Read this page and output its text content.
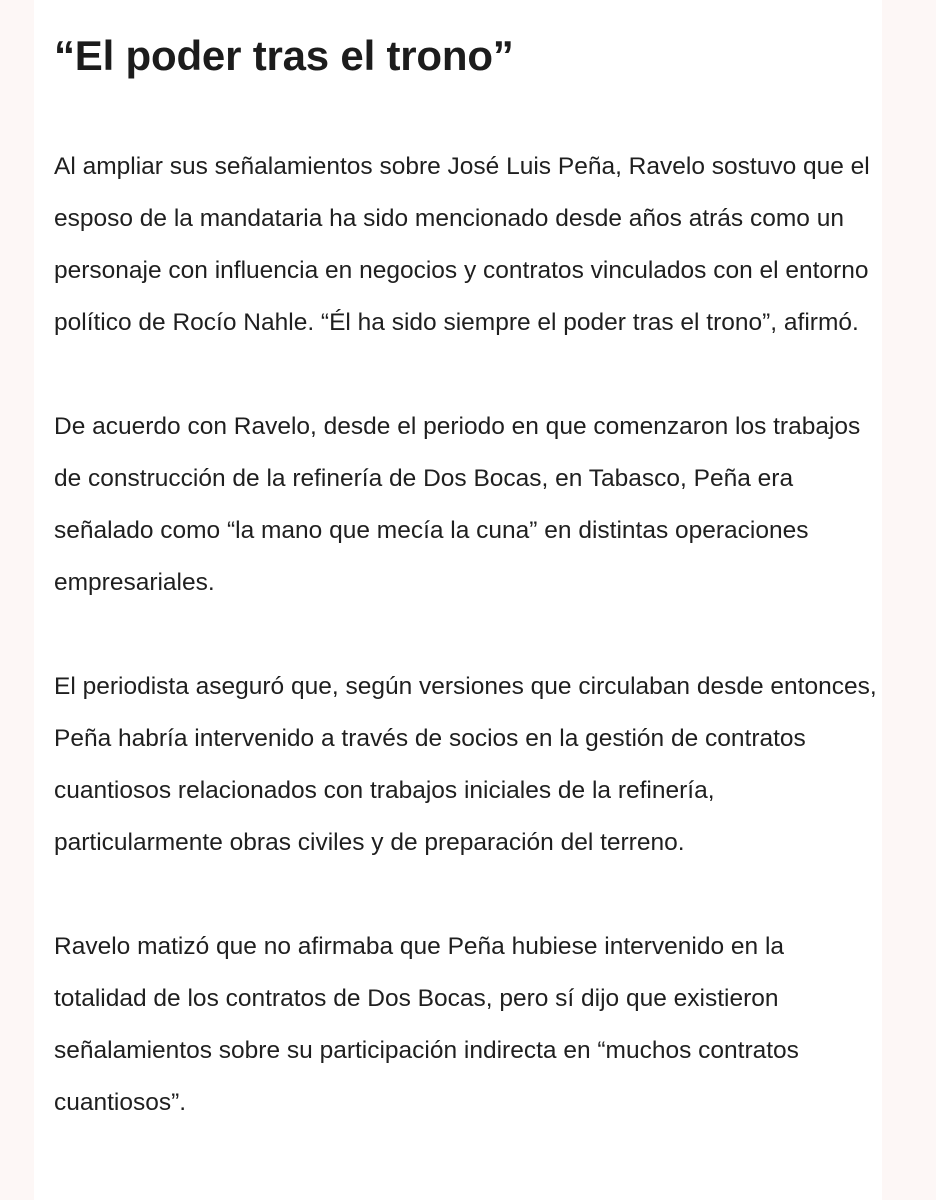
“El poder tras el trono”

Al ampliar sus señalamientos sobre José Luis Peña, Ravelo sostuvo que el esposo de la mandataria ha sido mencionado desde años atrás como un personaje con influencia en negocios y contratos vinculados con el entorno político de Rocío Nahle. “Él ha sido siempre el poder tras el trono”, afirmó.

De acuerdo con Ravelo, desde el periodo en que comenzaron los trabajos de construcción de la refinería de Dos Bocas, en Tabasco, Peña era señalado como “la mano que mecía la cuna” en distintas operaciones empresariales.

El periodista aseguró que, según versiones que circulaban desde entonces, Peña habría intervenido a través de socios en la gestión de contratos cuantiosos relacionados con trabajos iniciales de la refinería, particularmente obras civiles y de preparación del terreno.

Ravelo matizó que no afirmaba que Peña hubiese intervenido en la totalidad de los contratos de Dos Bocas, pero sí dijo que existieron señalamientos sobre su participación indirecta en “muchos contratos cuantiosos”.
